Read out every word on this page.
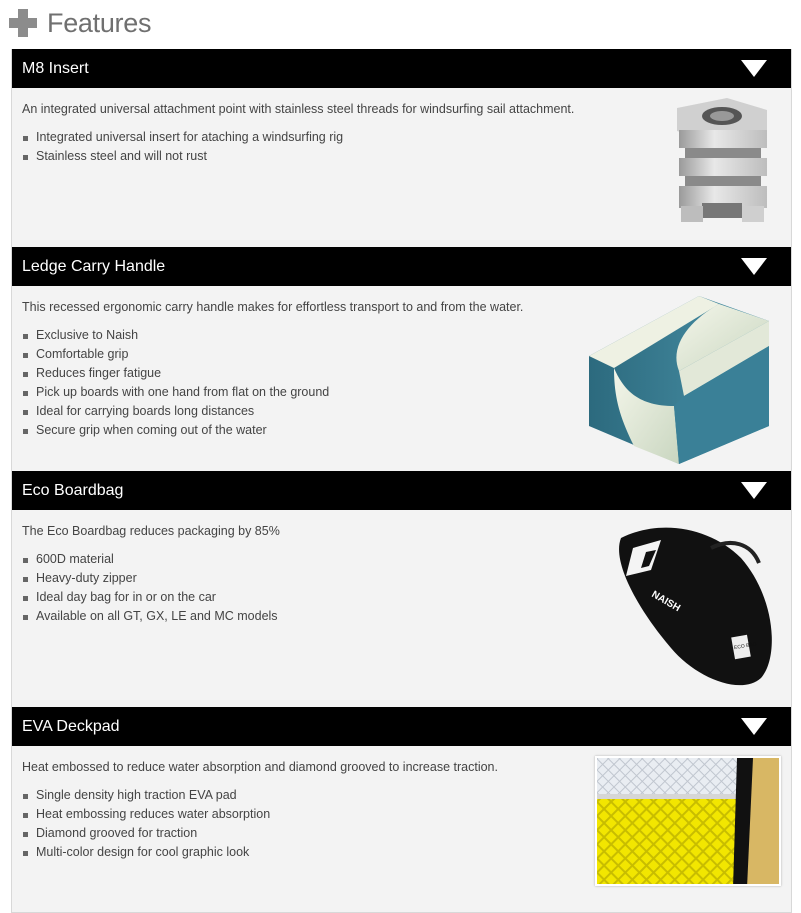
Features
M8 Insert

An integrated universal attachment point with stainless steel threads for windsurfing sail attachment.

Integrated universal insert for ataching a windsurfing rig
Stainless steel and will not rust
Ledge Carry Handle

This recessed ergonomic carry handle makes for effortless transport to and from the water.

Exclusive to Naish
Comfortable grip
Reduces finger fatigue
Pick up boards with one hand from flat on the ground
Ideal for carrying boards long distances
Secure grip when coming out of the water
Eco Boardbag

The Eco Boardbag reduces packaging by 85%

600D material
Heavy-duty zipper
Ideal day bag for in or on the car
Available on all GT, GX, LE and MC models
NAISH
ECO BAG
EVA Deckpad

Heat embossed to reduce water absorption and diamond grooved to increase traction.

Single density high traction EVA pad
Heat embossing reduces water absorption
Diamond grooved for traction
Multi-color design for cool graphic look
